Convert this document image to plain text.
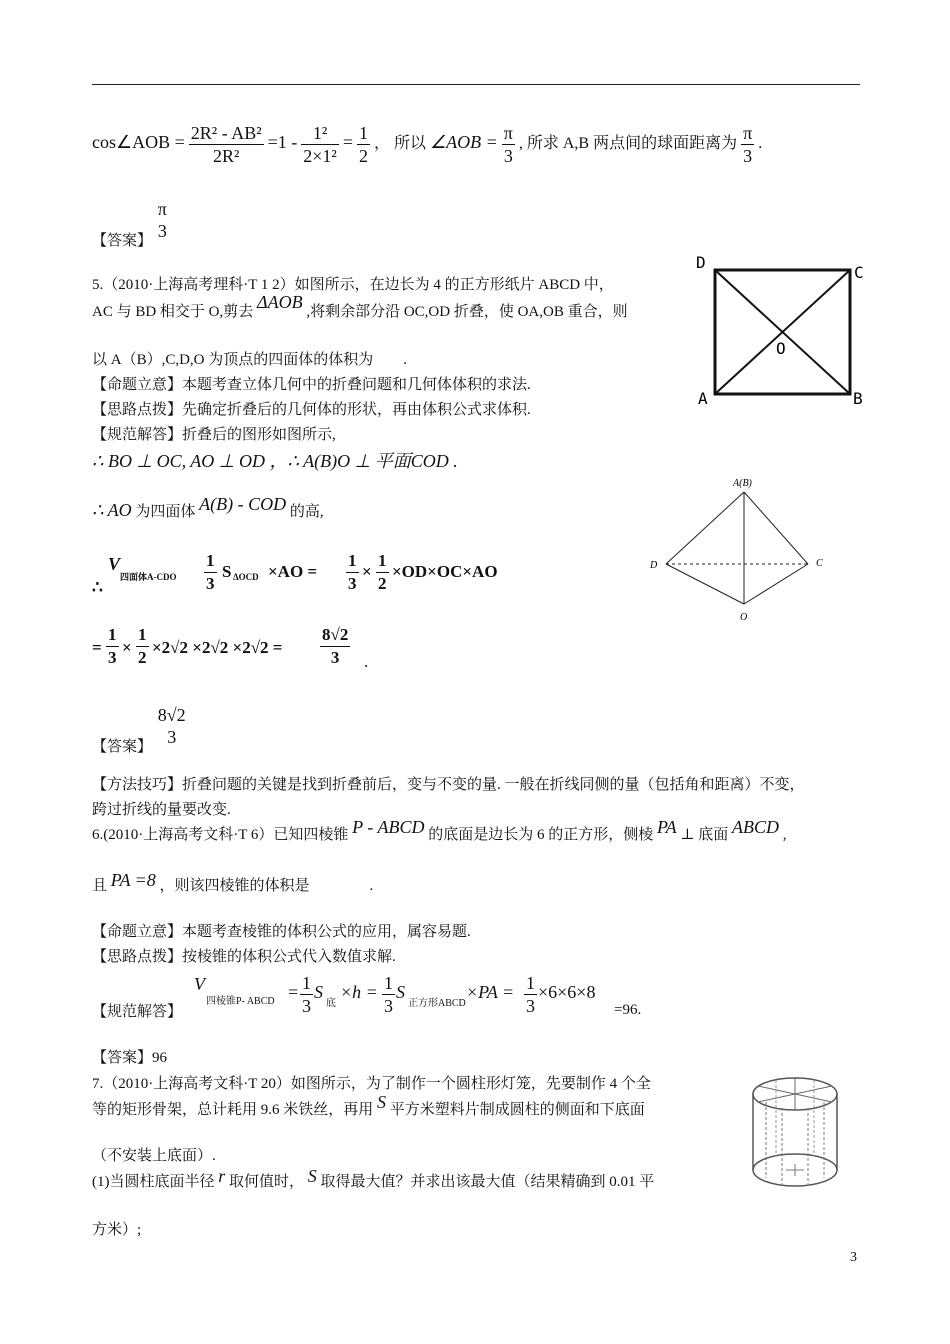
cos∠AOB = $\frac{\text{2R² - AB²}}{\text{2R²}} =1 - \frac{\text{1²}}{\text{2×1²}} = \frac{1}{2}$ ， 所以 ∠AOB = $\frac{\pi}{3}$ , 所求 A,B 两点间的球面距离为 $\frac{\pi}{3}$ .
【答案】
π
3
5.（2010·上海高考理科·T 1 2）如图所示，在边长为 4 的正方形纸片 ABCD 中，
AC 与 BD 相交于 O,剪去 ΔAOB ,将剩余部分沿 OC,OD 折叠，使 OA,OB 重合，则
以 A（B）,C,D,O 为顶点的四面体的体积为　　.
【命题立意】本题考查立体几何中的折叠问题和几何体体积的求法.
【思路点拨】先确定折叠后的几何体的形状，再由体积公式求体积.
【规范解答】折叠后的图形如图所示,
∴ BO ⊥ OC, AO ⊥ OD ，∴ A(B)O ⊥ 平面COD .
∴ AO 为四面体 A(B) - COD 的高,
∴
V
四面体$A-CDO \frac{1}{3}$ S $\Delta OCD \times AO = \frac{1}{3} \times \frac{1}{2} \times OD\times OC\times AO$
= $\frac{1}{3} \times \frac{1}{2} \times 2√2 \times 2√2 \times 2√2 = \frac{8√2}{3}$ .
【答案】
8√2
3
【方法技巧】折叠问题的关键是找到折叠前后，变与不变的量. 一般在折线同侧的量（包括角和距离）不变，
跨过折线的量要改变.
D
C
A	B
O
A(B)
D	C
O
6.(2010·上海高考文科·T 6）已知四棱锥 P - ABCD 的底面是边长为 6 的正方形，侧棱 PA ⊥ 底面 ABCD ,
且 PA =8 ，则该四棱锥的体积是　　　　.
【命题立意】本题考查棱锥的体积公式的应用，属容易题.
【思路点拨】按棱锥的体积公式代入数值求解.
【规范解答】
V
四棱锥P- ABCD = $\frac{1}{3}$ S
底
$\times h = \frac{1}{3}$ S
正方形ABCD
$\times PA = \frac{1}{3} \times 6\times 6\times 8$
=96.
【答案】96
7.（2010·上海高考文科·T 20）如图所示，为了制作一个圆柱形灯笼，先要制作 4 个全
等的矩形骨架，总计耗用 9.6 米铁丝，再用 S 平方米塑料片制成圆柱的侧面和下底面
（不安装上底面）.
(1)当圆柱底面半径 r 取何值时， S 取得最大值？并求出该最大值（结果精确到 0.01 平
方米）;
3
